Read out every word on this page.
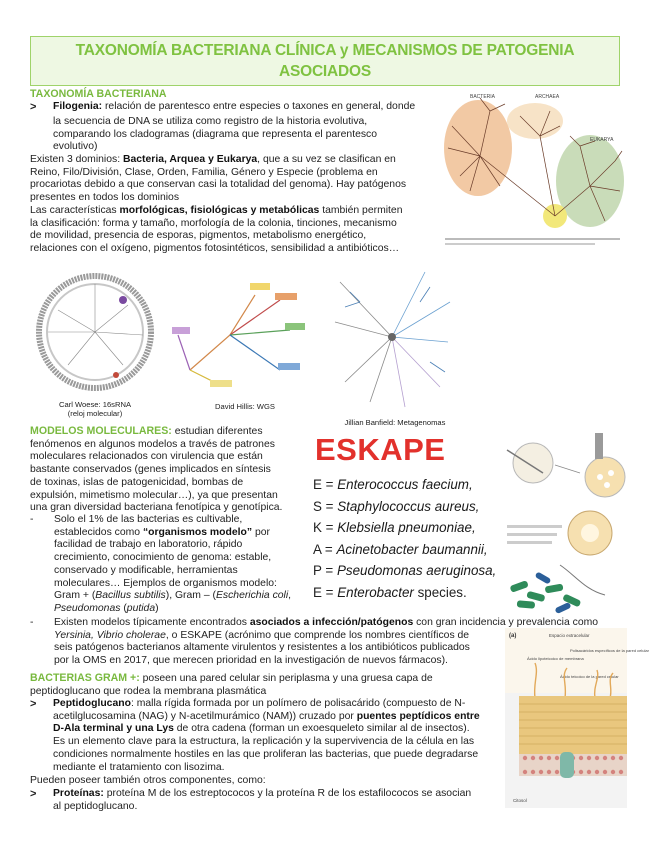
TAXONOMÍA BACTERIANA CLÍNICA y MECANISMOS DE PATOGENIA
ASOCIADOS
TAXONOMÍA BACTERIANA
> Filogenia: relación de parentesco entre especies o taxones en general, donde
la secuencia de DNA se utiliza como registro de la historia evolutiva,
comparando los cladogramas (diagrama que representa el parentesco
evolutivo)
Existen 3 dominios: Bacteria, Arquea y Eukarya, que a su vez se clasifican en
Reino, Filo/División, Clase, Orden, Familia, Género y Especie (problema en
procariotas debido a que conservan casi la totalidad del genoma). Hay patógenos
presentes en todos los dominios
Las características morfológicas, fisiológicas y metabólicas también permiten
la clasificación: forma y tamaño, morfología de la colonia, tinciones, mecanismo
de movilidad, presencia de esporas, pigmentos, metabolismo energético,
relaciones con el oxígeno, pigmentos fotosintéticos, sensibilidad a antibióticos…
BACTERIA	ARCHAEA
EUKARYA
Carl Woese: 16sRNA
(reloj molecular)
David Hillis: WGS
Jillian Banfield: Metagenomas
MODELOS MOLECULARES: estudian diferentes
fenómenos en algunos modelos a través de patrones
moleculares relacionados con virulencia que están
bastante conservados (genes implicados en síntesis
de toxinas, islas de patogenicidad, bombas de
expulsión, mimetismo molecular…), ya que presentan
una gran diversidad bacteriana fenotípica y genotípica.
- Solo el 1% de las bacterias es cultivable,
establecidos como “organismos modelo” por
facilidad de trabajo en laboratorio, rápido
crecimiento, conocimiento de genoma: estable,
conservado y modificable, herramientas
moleculares… Ejemplos de organismos modelo:
Gram + (Bacillus subtilis), Gram – (Escherichia coli,
Pseudomonas (putida)
- Existen modelos típicamente encontrados asociados a infección/patógenos con gran incidencia y prevalencia como
Yersinia, Vibrio cholerae, o ESKAPE (acrónimo que comprende los nombres científicos de
seis patógenos bacterianos altamente virulentos y resistentes a los antibióticos publicados
por la OMS en 2017, que merecen prioridad en la investigación de nuevos fármacos).
ESKAPE
E = Enterococcus faecium,
S = Staphylococcus aureus,
K = Klebsiella pneumoniae,
A = Acinetobacter baumannii,
P = Pseudomonas aeruginosa,
E = Enterobacter species.
BACTERIAS GRAM +: poseen una pared celular sin periplasma y una gruesa capa de
peptidoglucano que rodea la membrana plasmática
> Peptidoglucano: malla rígida formada por un polímero de polisacárido (compuesto de N-
acetilglucosamina (NAG) y N-acetilmurámico (NAM)) cruzado por puentes peptídicos entre
D-Ala terminal y una Lys de otra cadena (forman un exoesqueleto similar al de insectos).
Es un elemento clave para la estructura, la replicación y la supervivencia de la célula en las
condiciones normalmente hostiles en las que proliferan las bacterias, que puede degradarse
mediante el tratamiento con lisozima.
Pueden poseer también otros componentes, como:
> Proteínas: proteína M de los estreptococos y la proteína R de los estafilococos se asocian
al peptidoglucano.
(a)	Espacio extracelular
Ácido lipoteicoico de membrana
Polisacáridos específicos de la pared celular
Ácido teicoico de la pared celular
Citosol
